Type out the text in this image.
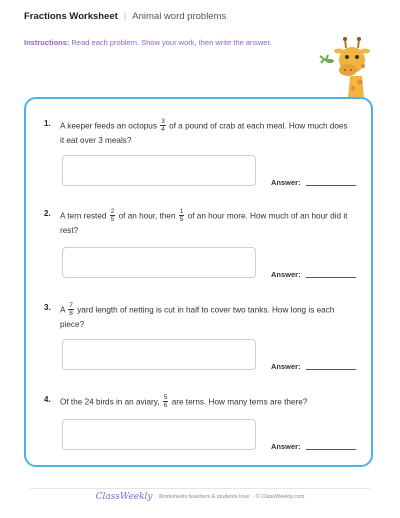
Fractions Worksheet | Animal word problems
Instructions: Read each problem. Show your work, then write the answer.
1. A keeper feeds an octopus $\frac{3}{4}$ of a pound of crab at each meal. How much does it eat over 3 meals?
Answer:
2. A tern rested $\frac{2}{5}$ of an hour, then $\frac{1}{5}$ of an hour more. How much of an hour did it rest?
Answer:
3. A $\frac{7}{8}$ yard length of netting is cut in half to cover two tanks. How long is each piece?
Answer:
4. Of the 24 birds in an aviary, $\frac{5}{6}$ are terns. How many terns are there?
Answer:
ClassWeekly Worksheets teachers & students love. · © ClassWeekly.com
